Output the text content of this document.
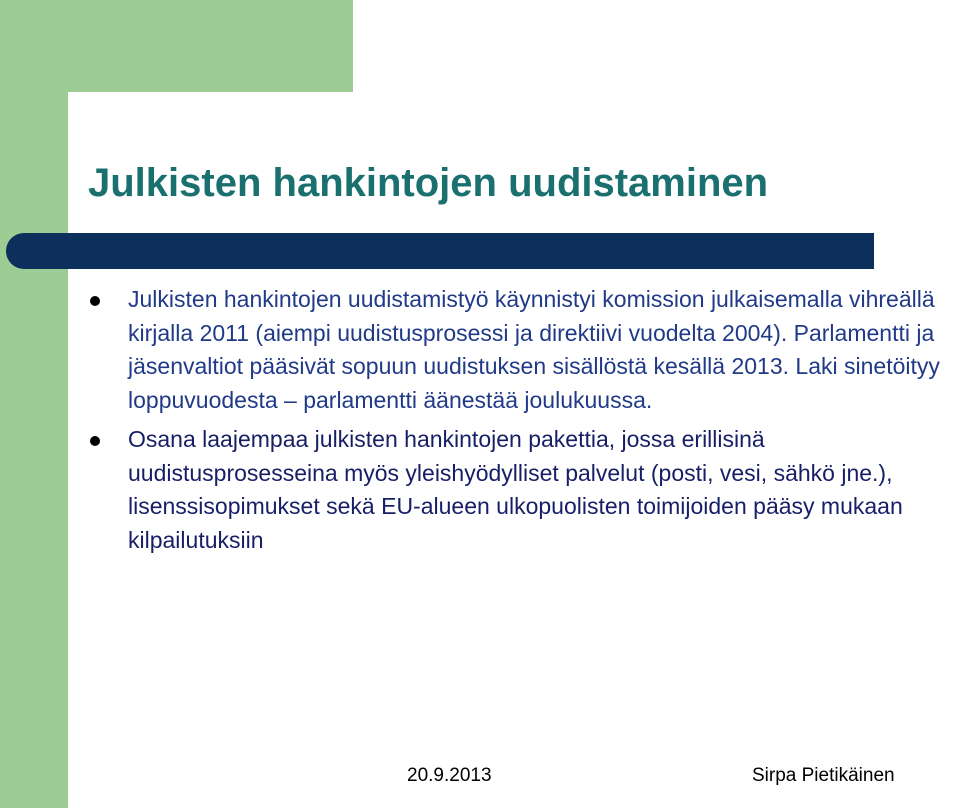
Julkisten hankintojen uudistaminen
Julkisten hankintojen uudistamistyö käynnistyi komission julkaisemalla vihreällä kirjalla 2011 (aiempi uudistusprosessi ja direktiivi vuodelta 2004). Parlamentti ja jäsenvaltiot pääsivät sopuun uudistuksen sisällöstä kesällä 2013. Laki sinetöityy loppuvuodesta – parlamentti äänestää joulukuussa.
Osana laajempaa julkisten hankintojen pakettia, jossa erillisinä uudistusprosesseina myös yleishyödylliset palvelut (posti, vesi, sähkö jne.), lisenssisopimukset sekä EU-alueen ulkopuolisten toimijoiden pääsy mukaan kilpailutuksiin
20.9.2013	Sirpa Pietikäinen
